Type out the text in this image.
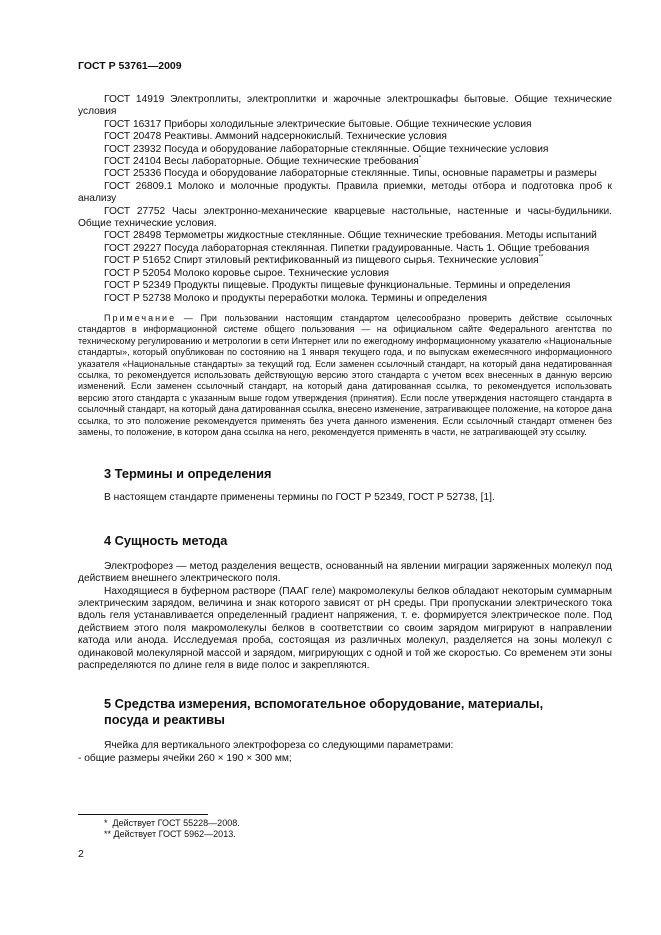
ГОСТ Р 53761—2009

ГОСТ 14919 Электроплиты, электроплитки и жарочные электрошкафы бытовые. Общие технические условия

ГОСТ 16317 Приборы холодильные электрические бытовые. Общие технические условия

ГОСТ 20478 Реактивы. Аммоний надсернокислый. Технические условия

ГОСТ 23932 Посуда и оборудование лабораторные стеклянные. Общие технические условия

ГОСТ 24104 Весы лабораторные. Общие технические требования*

ГОСТ 25336 Посуда и оборудование лабораторные стеклянные. Типы, основные параметры и размеры

ГОСТ 26809.1 Молоко и молочные продукты. Правила приемки, методы отбора и подготовка проб к анализу

ГОСТ 27752 Часы электронно-механические кварцевые настольные, настенные и часы-будильники. Общие технические условия.

ГОСТ 28498 Термометры жидкостные стеклянные. Общие технические требования. Методы испытаний

ГОСТ 29227 Посуда лабораторная стеклянная. Пипетки градуированные. Часть 1. Общие требования

ГОСТ Р 51652 Спирт этиловый ректификованный из пищевого сырья. Технические условия**

ГОСТ Р 52054 Молоко коровье сырое. Технические условия

ГОСТ Р 52349 Продукты пищевые. Продукты пищевые функциональные. Термины и определения

ГОСТ Р 52738 Молоко и продукты переработки молока. Термины и определения

Примечание — При пользовании настоящим стандартом целесообразно проверить действие ссылочных стандартов в информационной системе общего пользования — на официальном сайте Федерального агентства по техническому регулированию и метрологии в сети Интернет или по ежегодному информационному указателю «Национальные стандарты», который опубликован по состоянию на 1 января текущего года, и по выпускам ежемесячного информационного указателя «Национальные стандарты» за текущий год. Если заменен ссылочный стандарт, на который дана недатированная ссылка, то рекомендуется использовать действующую версию этого стандарта с учетом всех внесенных в данную версию изменений. Если заменен ссылочный стандарт, на который дана датированная ссылка, то рекомендуется использовать версию этого стандарта с указанным выше годом утверждения (принятия). Если после утверждения настоящего стандарта в ссылочный стандарт, на который дана датированная ссылка, внесено изменение, затрагивающее положение, на которое дана ссылка, то это положение рекомендуется применять без учета данного изменения. Если ссылочный стандарт отменен без замены, то положение, в котором дана ссылка на него, рекомендуется применять в части, не затрагивающей эту ссылку.

3 Термины и определения

В настоящем стандарте применены термины по ГОСТ Р 52349, ГОСТ Р 52738, [1].

4 Сущность метода

Электрофорез — метод разделения веществ, основанный на явлении миграции заряженных молекул под действием внешнего электрического поля.

Находящиеся в буферном растворе (ПААГ геле) макромолекулы белков обладают некоторым суммарным электрическим зарядом, величина и знак которого зависят от pH среды. При пропускании электрического тока вдоль геля устанавливается определенный градиент напряжения, т. е. формируется электрическое поле. Под действием этого поля макромолекулы белков в соответствии со своим зарядом мигрируют в направлении катода или анода. Исследуемая проба, состоящая из различных молекул, разделяется на зоны молекул с одинаковой молекулярной массой и зарядом, мигрирующих с одной и той же скоростью. Со временем эти зоны распределяются по длине геля в виде полос и закрепляются.

5 Средства измерения, вспомогательное оборудование, материалы,
посуда и реактивы

Ячейка для вертикального электрофореза со следующими параметрами:

- общие размеры ячейки 260 × 190 × 300 мм;

* Действует ГОСТ 55228—2008.
** Действует ГОСТ 5962—2013.
2
